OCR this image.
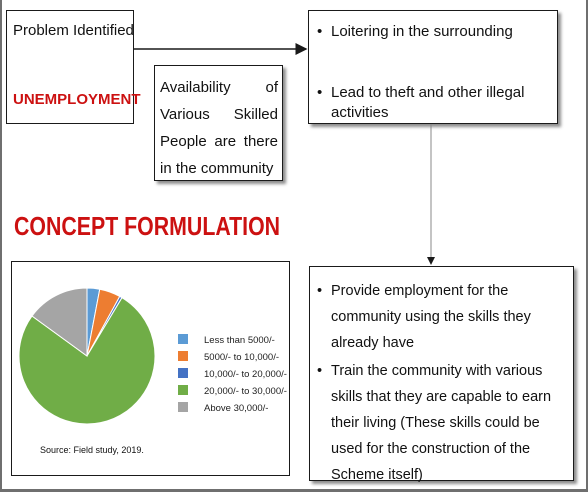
Problem Identified
UNEMPLOYMENT
Availability of Various Skilled People are there in the community
• Loitering in the surrounding
• Lead to theft and other illegal activities
CONCEPT FORMULATION
Less than 5000/-
5000/- to 10,000/-
10,000/- to 20,000/-
20,000/- to 30,000/-
Above 30,000/-
Source: Field study, 2019.
• Provide employment for the community using the skills they already have
• Train the community with various skills that they are capable to earn their living (These skills could be used for the construction of the Scheme itself)
